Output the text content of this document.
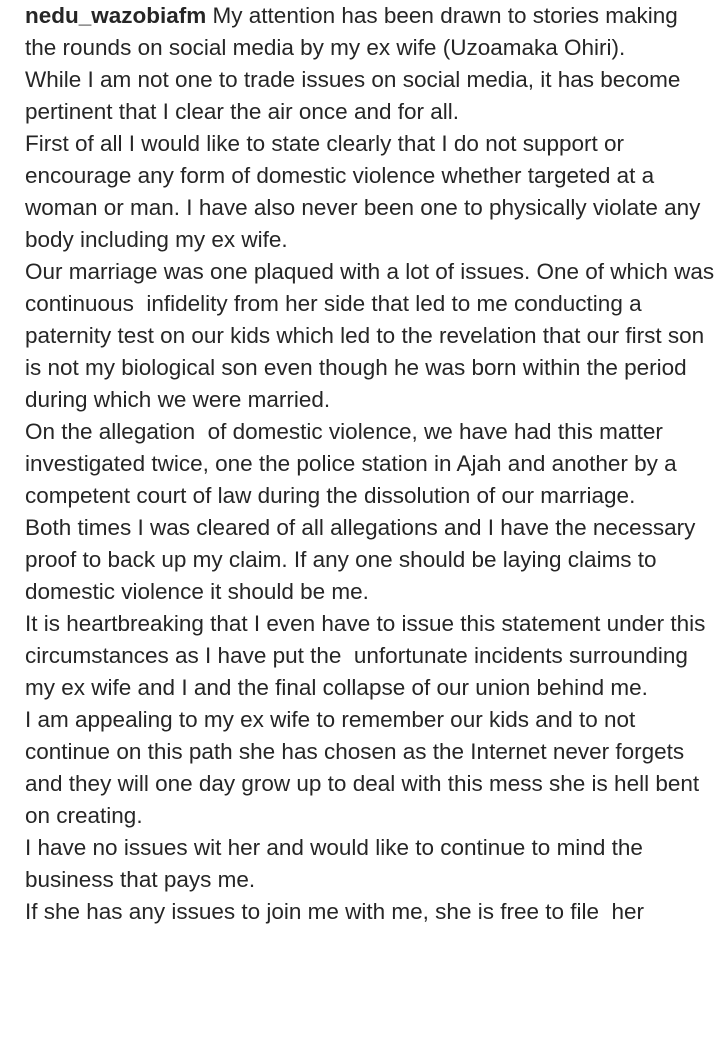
nedu_wazobiafm My attention has been drawn to stories making the rounds on social media by my ex wife (Uzoamaka Ohiri).

While I am not one to trade issues on social media, it has become pertinent that I clear the air once and for all.

First of all I would like to state clearly that I do not support or encourage any form of domestic violence whether targeted at a woman or man. I have also never been one to physically violate any body including my ex wife.

Our marriage was one plaqued with a lot of issues. One of which was continuous  infidelity from her side that led to me conducting a paternity test on our kids which led to the revelation that our first son is not my biological son even though he was born within the period during which we were married.

On the allegation  of domestic violence, we have had this matter investigated twice, one the police station in Ajah and another by a competent court of law during the dissolution of our marriage.

Both times I was cleared of all allegations and I have the necessary proof to back up my claim. If any one should be laying claims to domestic violence it should be me.

It is heartbreaking that I even have to issue this statement under this circumstances as I have put the  unfortunate incidents surrounding my ex wife and I and the final collapse of our union behind me.

I am appealing to my ex wife to remember our kids and to not continue on this path she has chosen as the Internet never forgets and they will one day grow up to deal with this mess she is hell bent on creating.

I have no issues wit her and would like to continue to mind the business that pays me.

If she has any issues to join me with me, she is free to file  her
